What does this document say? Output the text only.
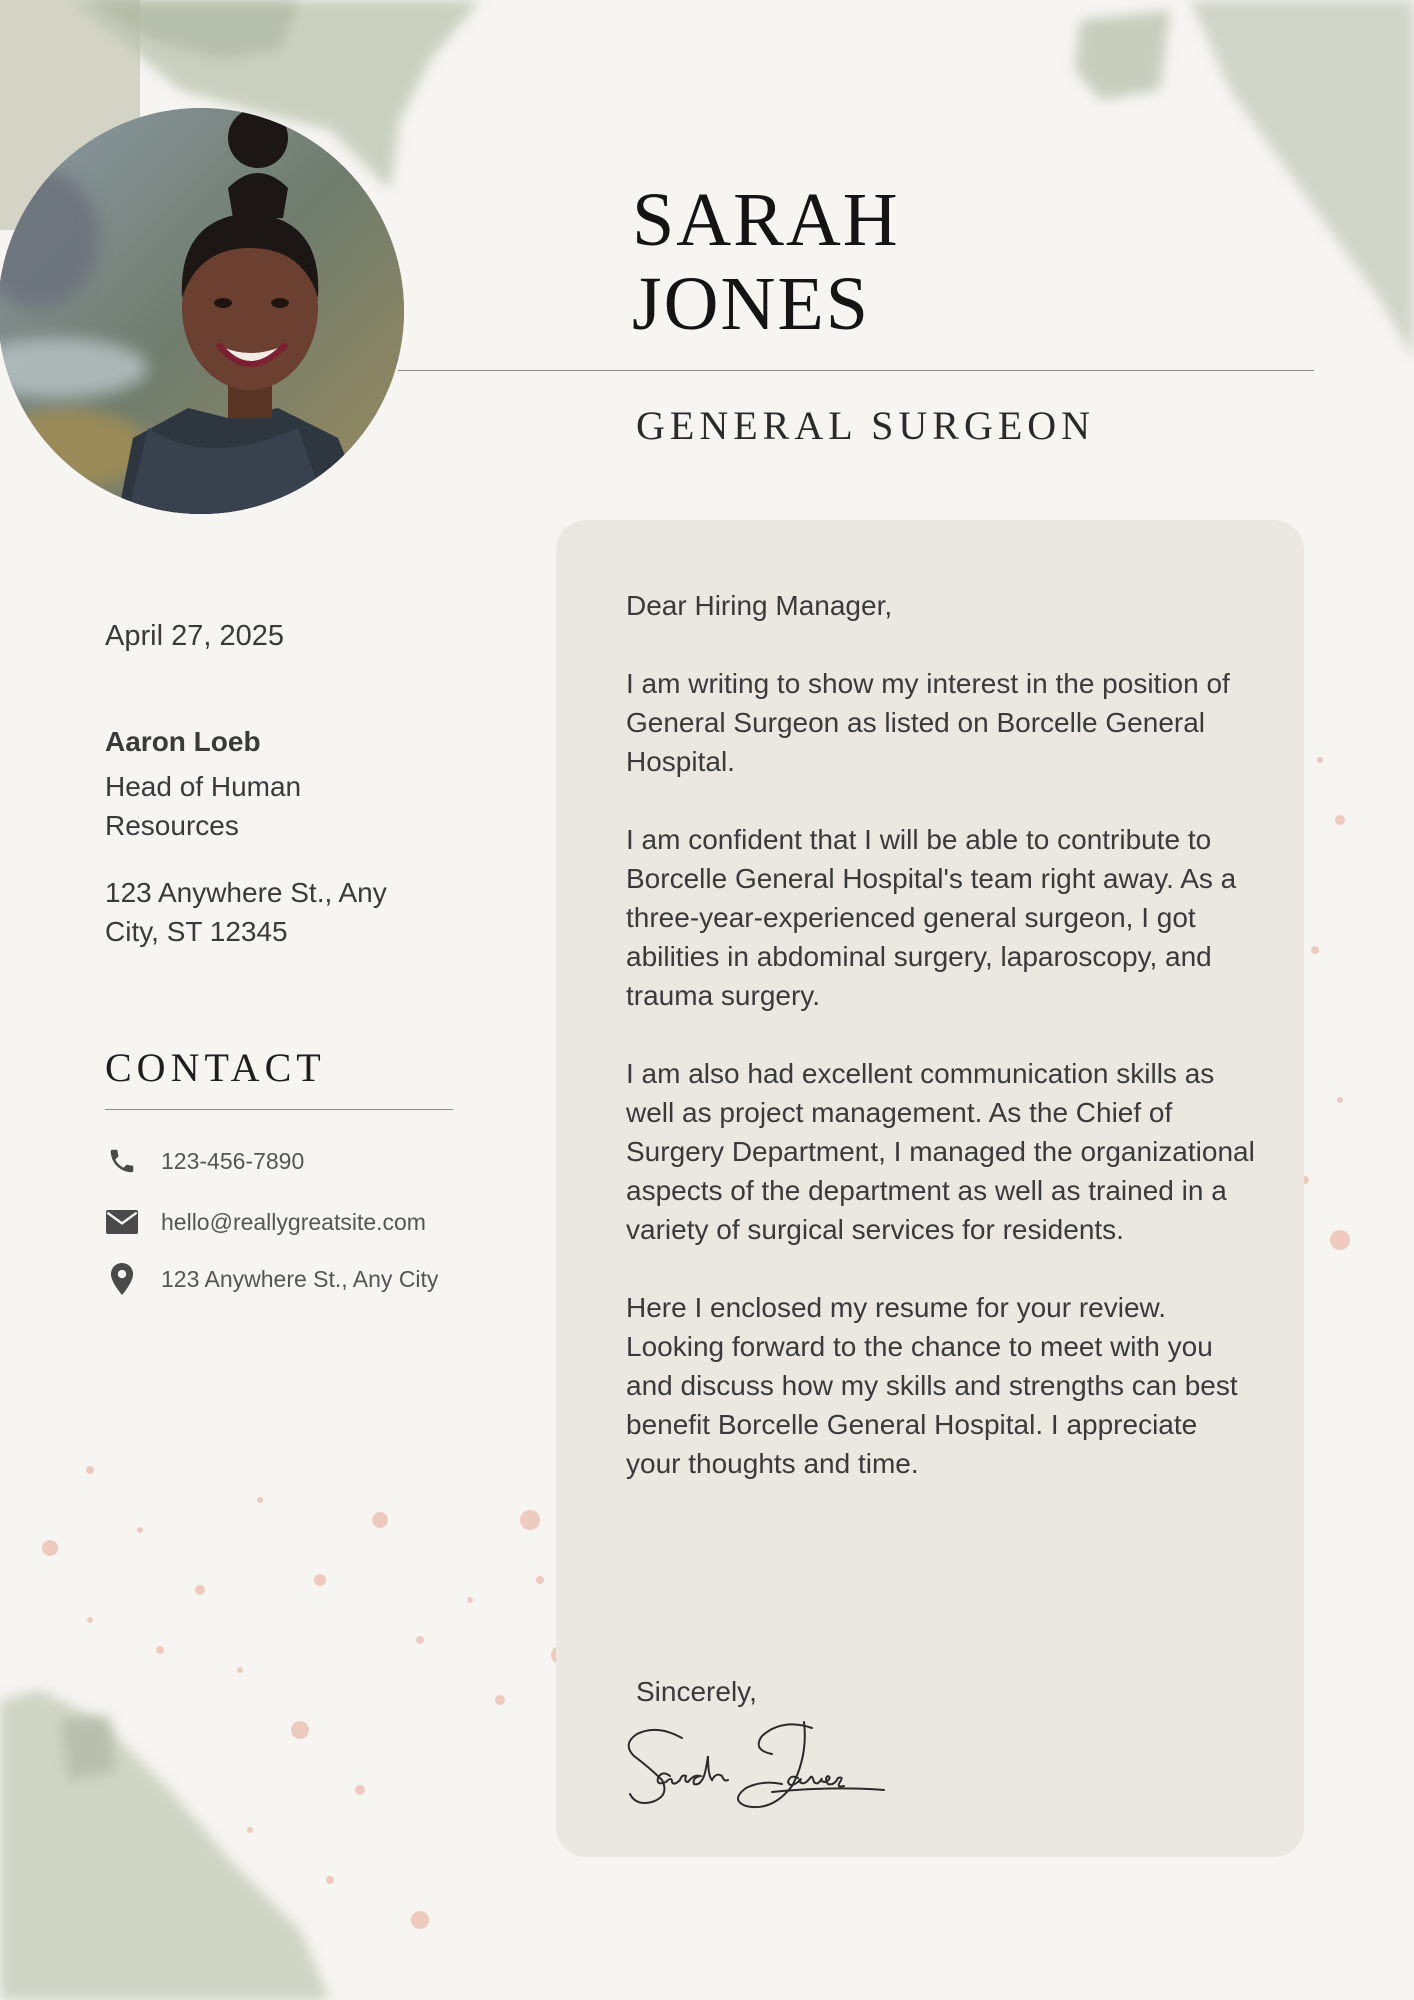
SARAH
JONES
GENERAL SURGEON
April 27, 2025
Aaron Loeb
Head of Human
Resources
123 Anywhere St., Any
City, ST 12345
CONTACT
123-456-7890
hello@reallygreatsite.com
123 Anywhere St., Any City

Dear Hiring Manager,

I am writing to show my interest in the position of General Surgeon as listed on Borcelle General Hospital.

I am confident that I will be able to contribute to Borcelle General Hospital's team right away. As a three-year-experienced general surgeon, I got abilities in abdominal surgery, laparoscopy, and trauma surgery.

I am also had excellent communication skills as well as project management. As the Chief of Surgery Department, I managed the organizational aspects of the department as well as trained in a variety of surgical services for residents.

Here I enclosed my resume for your review. Looking forward to the chance to meet with you and discuss how my skills and strengths can best benefit Borcelle General Hospital. I appreciate your thoughts and time.

Sincerely,
